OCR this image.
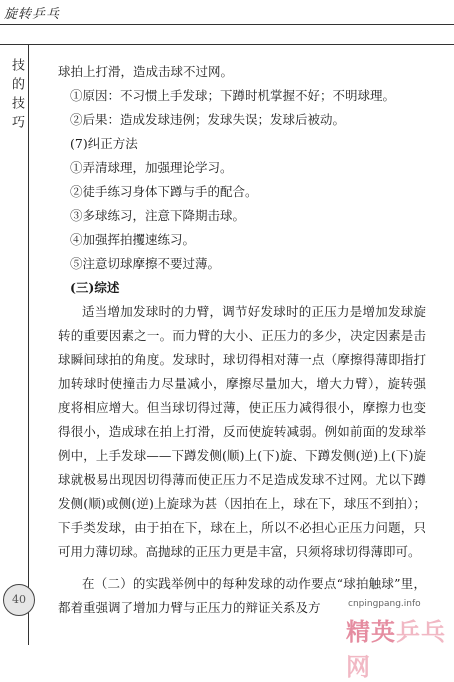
旋转乒乓
技的技巧	球拍上打滑，造成击球不过网。

①原因：不习惯上手发球；下蹲时机掌握不好；不明球理。

②后果：造成发球违例；发球失误；发球后被动。

(7)纠正方法

①弄清球理，加强理论学习。

②徒手练习身体下蹲与手的配合。

③多球练习，注意下降期击球。

④加强挥拍攫速练习。

⑤注意切球摩擦不要过薄。

(三)综述

适当增加发球时的力臂，调节好发球时的正压力是增加发球旋转的重要因素之一。而力臂的大小、正压力的多少，决定因素是击球瞬间球拍的角度。发球时，球切得相对薄一点（摩擦得薄即指打加转球时使撞击力尽量减小，摩擦尽量加大，增大力臂），旋转强度将相应增大。但当球切得过薄，使正压力减得很小，摩擦力也变得很小，造成球在拍上打滑，反而使旋转减弱。例如前面的发球举例中，上手发球——下蹲发侧(顺)上(下)旋、下蹲发侧(逆)上(下)旋球就极易出现因切得薄而使正压力不足造成发球不过网。尤以下蹲发侧(顺)或侧(逆)上旋球为甚（因拍在上，球在下，球压不到拍）；下手类发球，由于拍在下，球在上，所以不必担心正压力问题，只可用力薄切球。高抛球的正压力更是丰富，只须将球切得薄即可。

在（二）的实践举例中的每种发球的动作要点“球拍触球”里，都着重强调了增加力臂与正压力的辩证关系及方

40	cnpingpang.info
精英乒乓网
